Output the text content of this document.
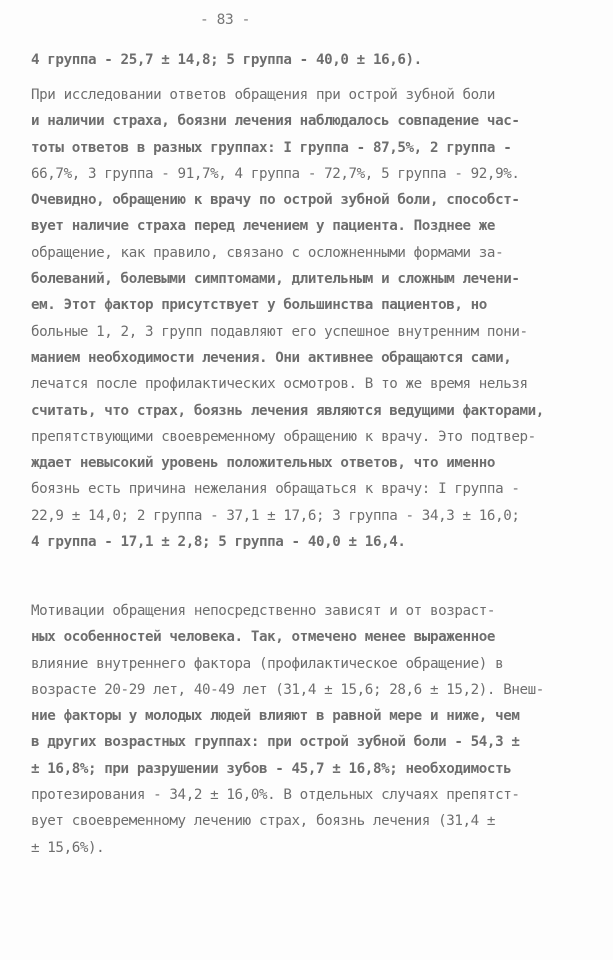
- 83 -
4 группа - 25,7 ± 14,8; 5 группа - 40,0 ± 16,6).
При исследовании ответов обращения при острой зубной боли
и наличии страха, боязни лечения наблюдалось совпадение час-
тоты ответов в разных группах: I группа - 87,5%, 2 группа -
66,7%, 3 группа - 91,7%, 4 группа - 72,7%, 5 группа - 92,9%.
Очевидно, обращению к врачу по острой зубной боли, способст-
вует наличие страха перед лечением у пациента. Позднее же
обращение, как правило, связано с осложненными формами за-
болеваний, болевыми симптомами, длительным и сложным лечени-
ем. Этот фактор присутствует у большинства пациентов, но
больные 1, 2, 3 групп подавляют его успешное внутренним пони-
манием необходимости лечения. Они активнее обращаются сами,
лечатся после профилактических осмотров. В то же время нельзя
считать, что страх, боязнь лечения являются ведущими факторами,
препятствующими своевременному обращению к врачу. Это подтвер-
ждает невысокий уровень положительных ответов, что именно
боязнь есть причина нежелания обращаться к врачу: I группа -
22,9 ± 14,0; 2 группа - 37,1 ± 17,6; 3 группа - 34,3 ± 16,0;
4 группа - 17,1 ± 2,8; 5 группа - 40,0 ± 16,4.
Мотивации обращения непосредственно зависят и от возраст-
ных особенностей человека. Так, отмечено менее выраженное
влияние внутреннего фактора (профилактическое обращение) в
возрасте 20-29 лет, 40-49 лет (31,4 ± 15,6; 28,6 ± 15,2). Внеш-
ние факторы у молодых людей влияют в равной мере и ниже, чем
в других возрастных группах: при острой зубной боли - 54,3 ±
± 16,8%; при разрушении зубов - 45,7 ± 16,8%; необходимость
протезирования - 34,2 ± 16,0%. В отдельных случаях препятст-
вует своевременному лечению страх, боязнь лечения (31,4 ±
± 15,6%).
